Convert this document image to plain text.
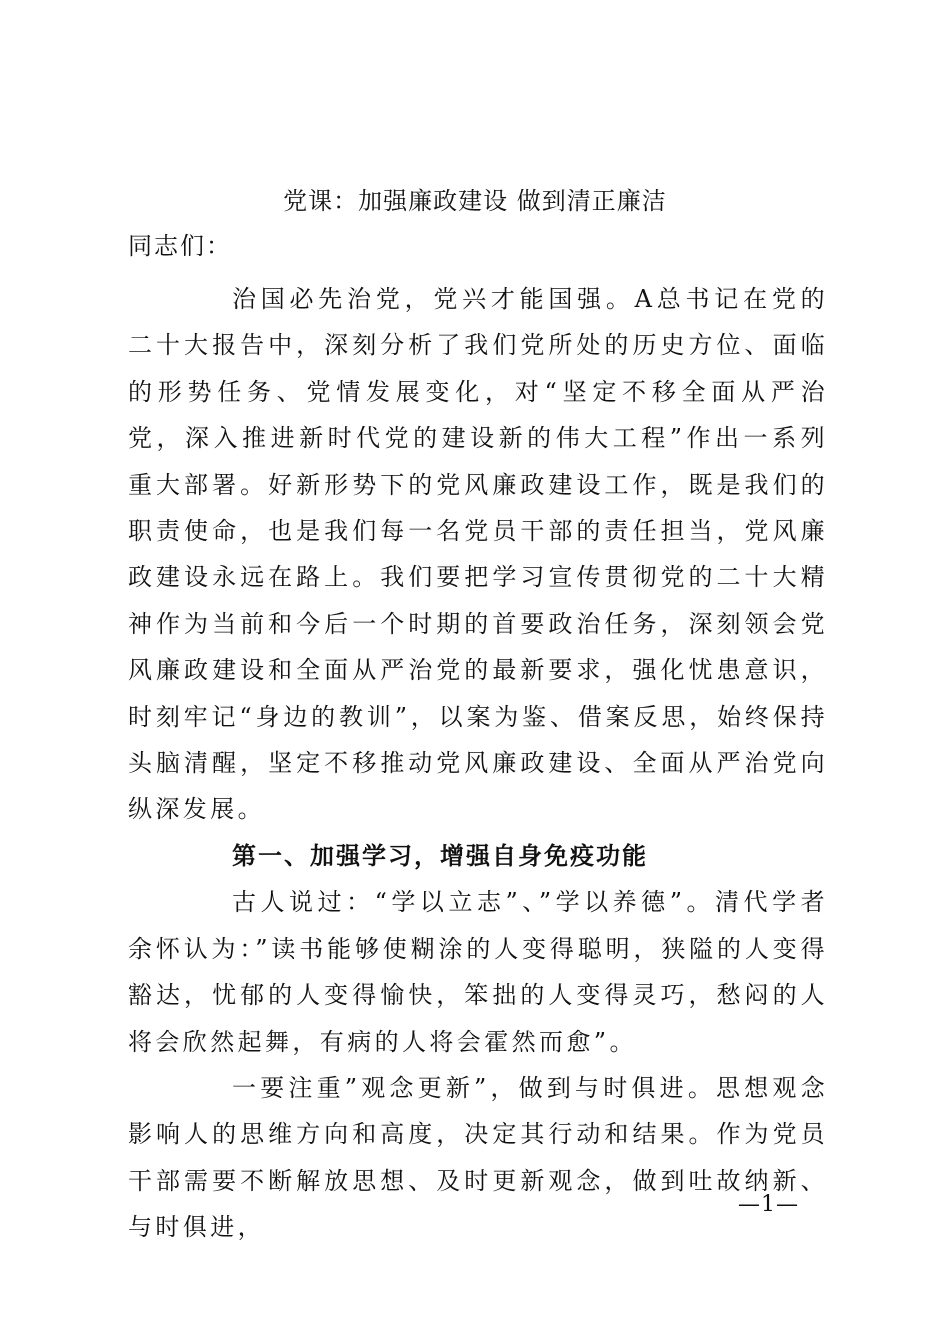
党课：加强廉政建设 做到清正廉洁
同志们：

治国必先治党，党兴才能国强。A总书记在党的二十大报告中，深刻分析了我们党所处的历史方位、面临的形势任务、党情发展变化，对“坚定不移全面从严治党，深入推进新时代党的建设新的伟大工程”作出一系列重大部署。好新形势下的党风廉政建设工作，既是我们的职责使命，也是我们每一名党员干部的责任担当，党风廉政建设永远在路上。我们要把学习宣传贯彻党的二十大精神作为当前和今后一个时期的首要政治任务，深刻领会党风廉政建设和全面从严治党的最新要求，强化忧患意识，时刻牢记“身边的教训”，以案为鉴、借案反思，始终保持头脑清醒，坚定不移推动党风廉政建设、全面从严治党向纵深发展。

第一、加强学习，增强自身免疫功能

古人说过：“学以立志”、”学以养德”。清代学者余怀认为：”读书能够使糊涂的人变得聪明，狭隘的人变得豁达，忧郁的人变得愉快，笨拙的人变得灵巧，愁闷的人将会欣然起舞，有病的人将会霍然而愈”。

一要注重”观念更新”，做到与时俱进。思想观念影响人的思维方向和高度，决定其行动和结果。作为党员干部需要不断解放思想、及时更新观念，做到吐故纳新、与时俱进，

—1—
